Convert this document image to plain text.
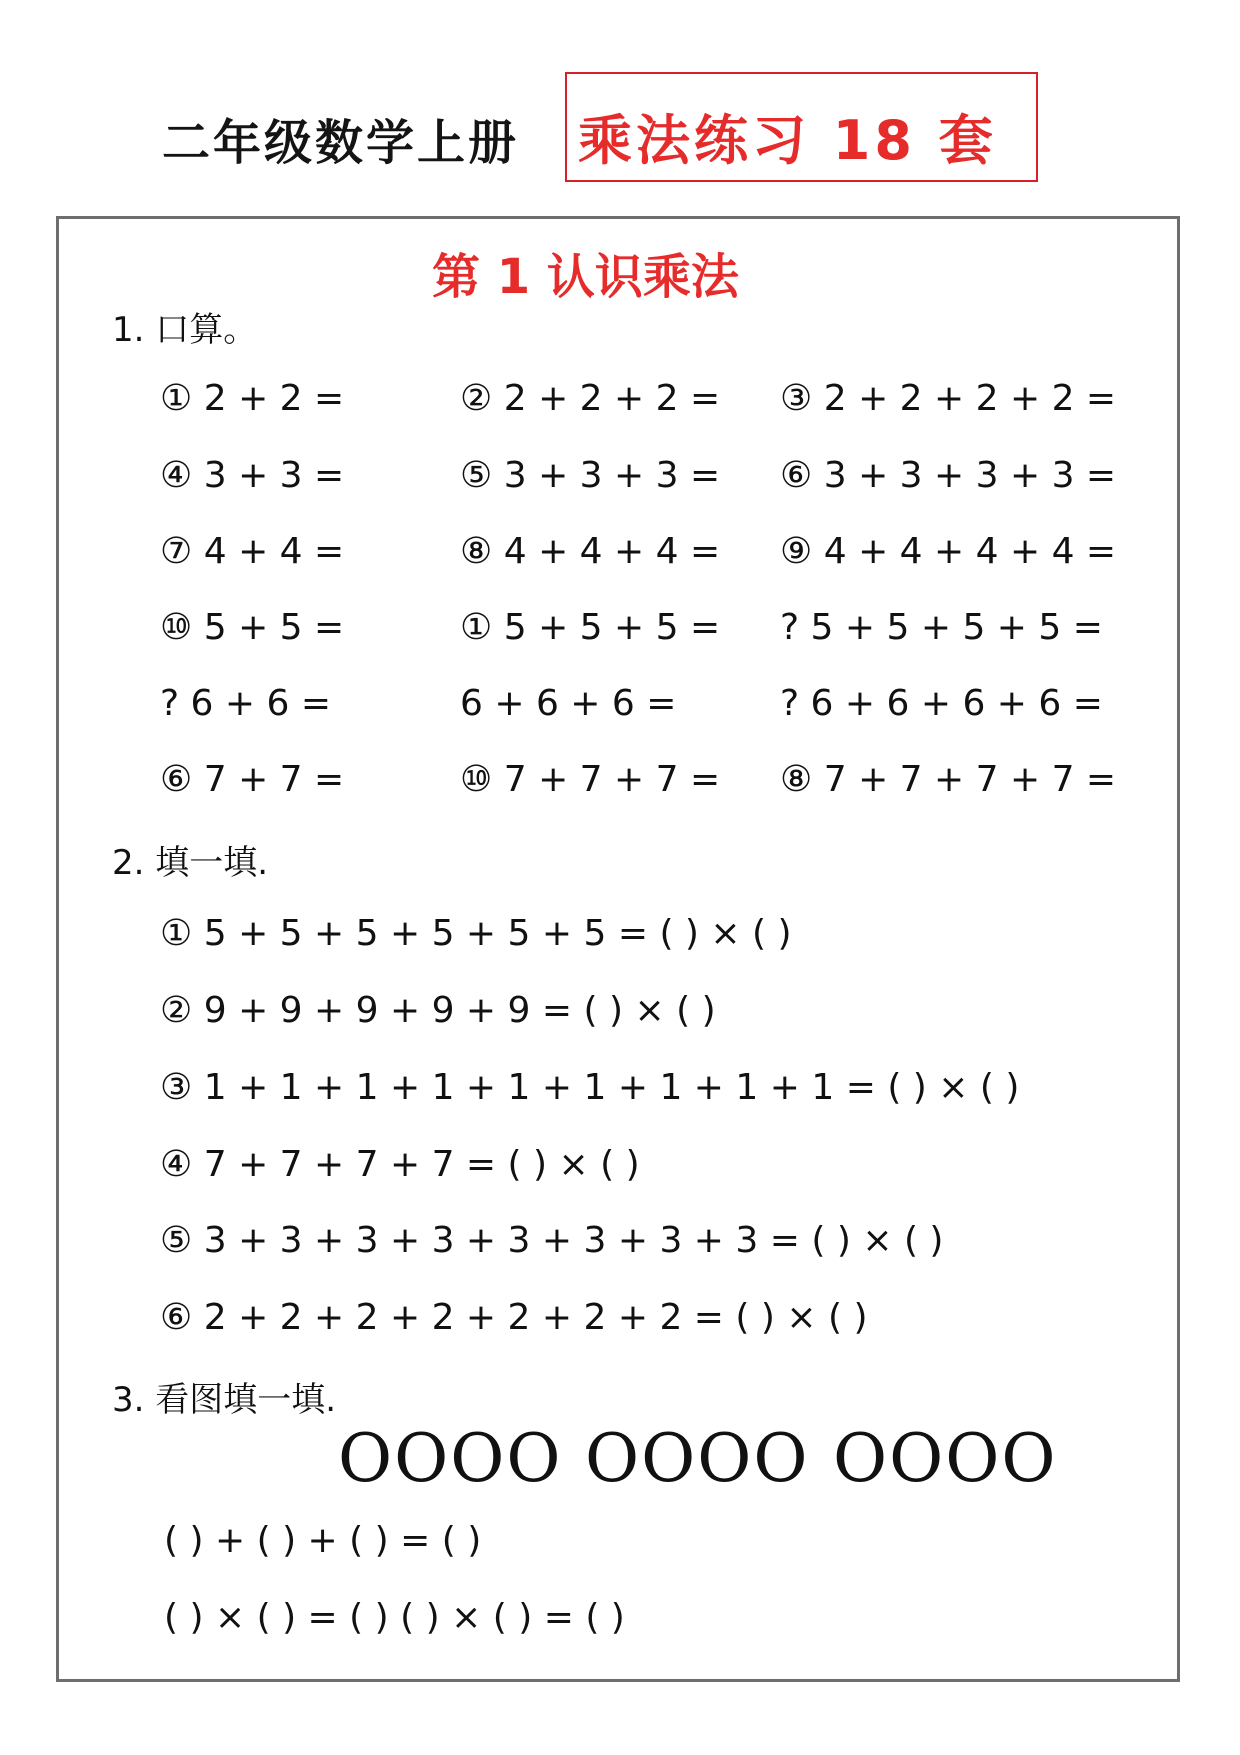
二年级数学上册 乘法练习 18 套
第 1 认识乘法
1. 口算。
① 2 + 2 =	② 2 + 2 + 2 = ③ 2 + 2 + 2 + 2 =
④ 3 + 3 =	⑤ 3 + 3 + 3 = ⑥ 3 + 3 + 3 + 3 =
⑦ 4 + 4 =	⑧ 4 + 4 + 4 = ⑨ 4 + 4 + 4 + 4 =
⑩ 5 + 5 =	① 5 + 5 + 5 = ? 5 + 5 + 5 + 5 =
? 6 + 6 =	6 + 6 + 6 =	? 6 + 6 + 6 + 6 =
⑥ 7 + 7 =	⑩ 7 + 7 + 7 = ⑧ 7 + 7 + 7 + 7 =
2. 填一填.
① 5 + 5 + 5 + 5 + 5 + 5 = ( ) × ( )
② 9 + 9 + 9 + 9 + 9 = ( ) × ( )
③ 1 + 1 + 1 + 1 + 1 + 1 + 1 + 1 + 1 = ( ) × ( )
④ 7 + 7 + 7 + 7 = ( ) × ( )
⑤ 3 + 3 + 3 + 3 + 3 + 3 + 3 + 3 = ( ) × ( )
⑥ 2 + 2 + 2 + 2 + 2 + 2 + 2 = ( ) × ( )
3. 看图填一填.
OOOO OOOO OOOO
( ) + ( ) + ( ) = ( )
( ) × ( ) = ( ) ( ) × ( ) = ( )
